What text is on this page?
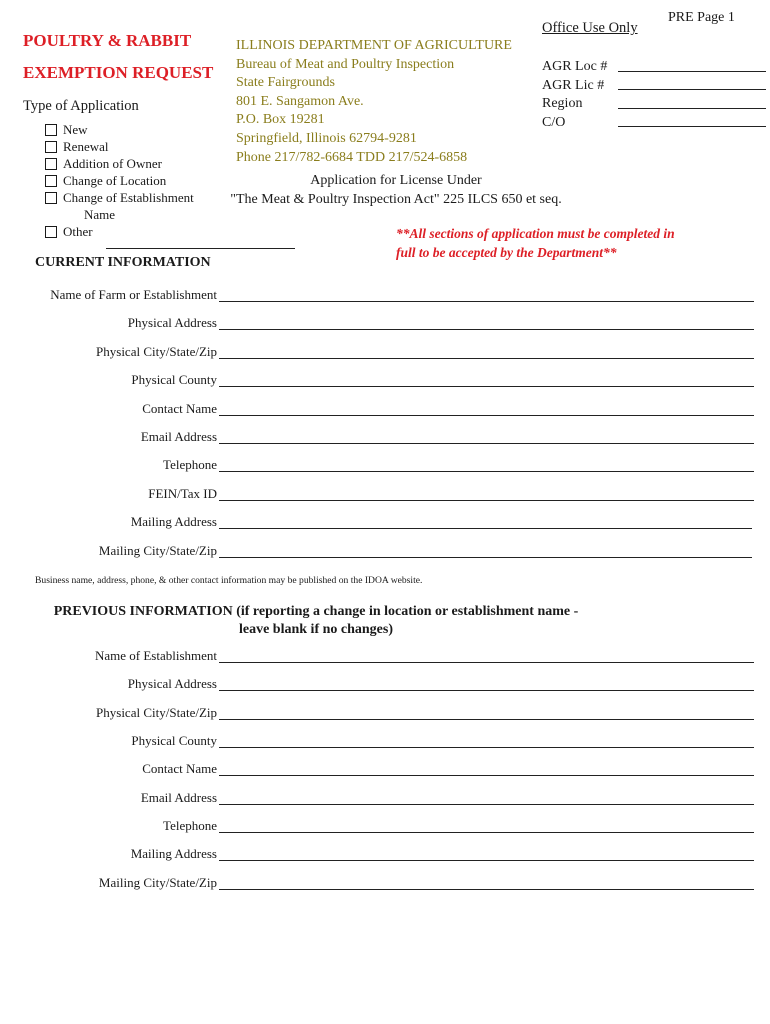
PRE Page 1
POULTRY & RABBIT
EXEMPTION REQUEST
Type of Application
New
Renewal
Addition of Owner
Change of Location
Change of Establishment
Name
Other
ILLINOIS DEPARTMENT OF AGRICULTURE
Bureau of Meat and Poultry Inspection
State Fairgrounds
801 E. Sangamon Ave.
P.O. Box 19281
Springfield, Illinois 62794-9281
Phone 217/782-6684 TDD 217/524-6858
Office Use Only
AGR Loc #
AGR Lic #
Region
C/O
Application for License Under
"The Meat & Poultry Inspection Act" 225 ILCS 650 et seq.
**All sections of application must be completed in
full to be accepted by the Department**
CURRENT INFORMATION
Name of Farm or Establishment
Physical Address
Physical City/State/Zip
Physical County
Contact Name
Email Address
Telephone
FEIN/Tax ID
Mailing Address
Mailing City/State/Zip
Business name, address, phone, & other contact information may be published on the IDOA website.
PREVIOUS INFORMATION (if reporting a change in location or establishment name -
leave blank if no changes)
Name of Establishment
Physical Address
Physical City/State/Zip
Physical County
Contact Name
Email Address
Telephone
Mailing Address
Mailing City/State/Zip
